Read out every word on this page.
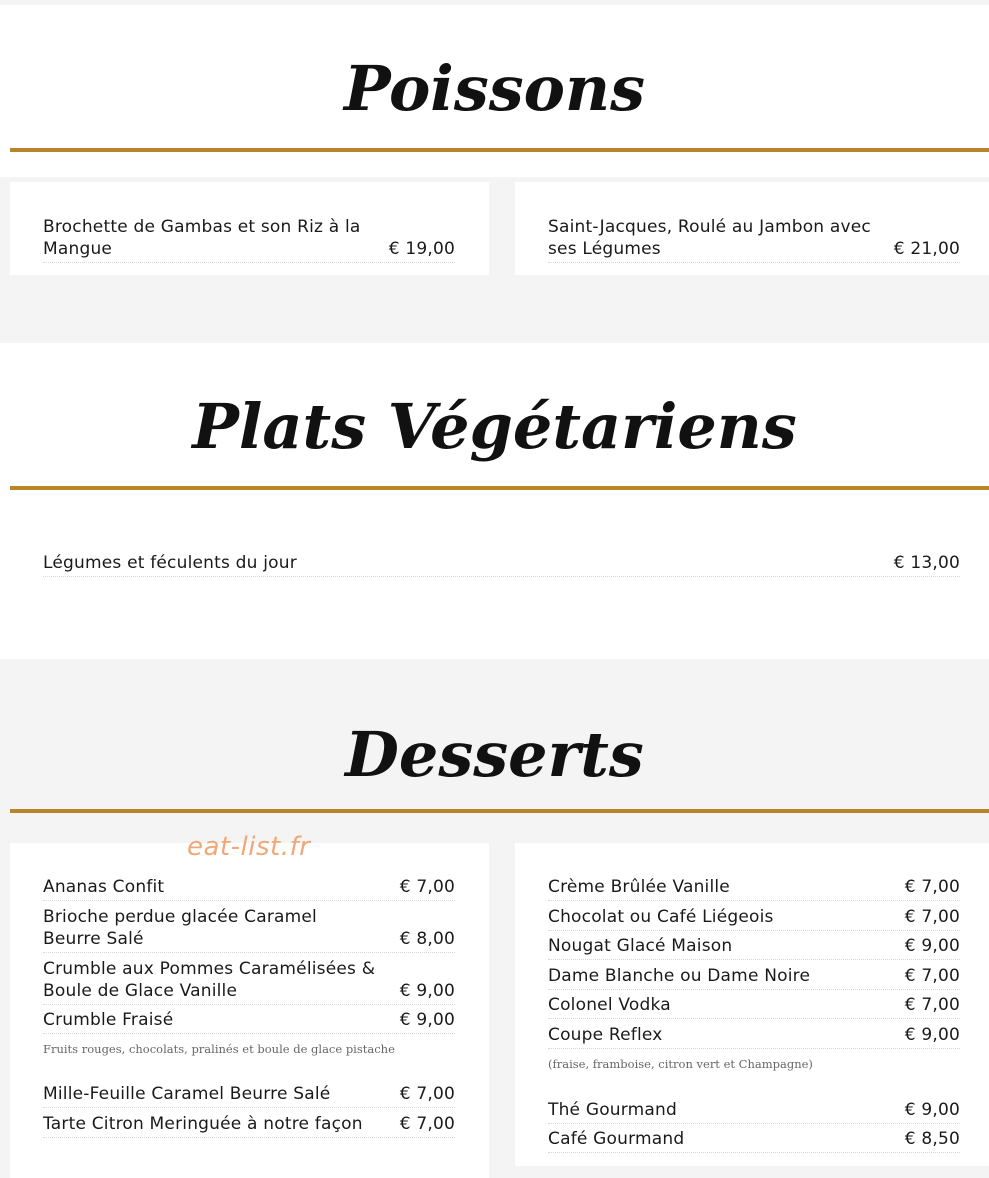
Poissons
Brochette de Gambas et son Riz à la Mangue	€ 19,00
Saint-Jacques, Roulé au Jambon avec ses Légumes	€ 21,00
Plats Végétariens
Légumes et féculents du jour	€ 13,00
Desserts
Ananas Confit	€ 7,00
Brioche perdue glacée Caramel Beurre Salé	€ 8,00
Crumble aux Pommes Caramélisées & Boule de Glace Vanille	€ 9,00
Crumble Fraisé	€ 9,00
Fruits rouges, chocolats, pralinés et boule de glace pistache
Mille-Feuille Caramel Beurre Salé	€ 7,00
Tarte Citron Meringuée à notre façon € 7,00
Crème Brûlée Vanille	€ 7,00
Chocolat ou Café Liégeois	€ 7,00
Nougat Glacé Maison	€ 9,00
Dame Blanche ou Dame Noire	€ 7,00
Colonel Vodka	€ 7,00
Coupe Reflex	€ 9,00
(fraise, framboise, citron vert et Champagne)
Thé Gourmand	€ 9,00
Café Gourmand	€ 8,50
eat-list.fr
